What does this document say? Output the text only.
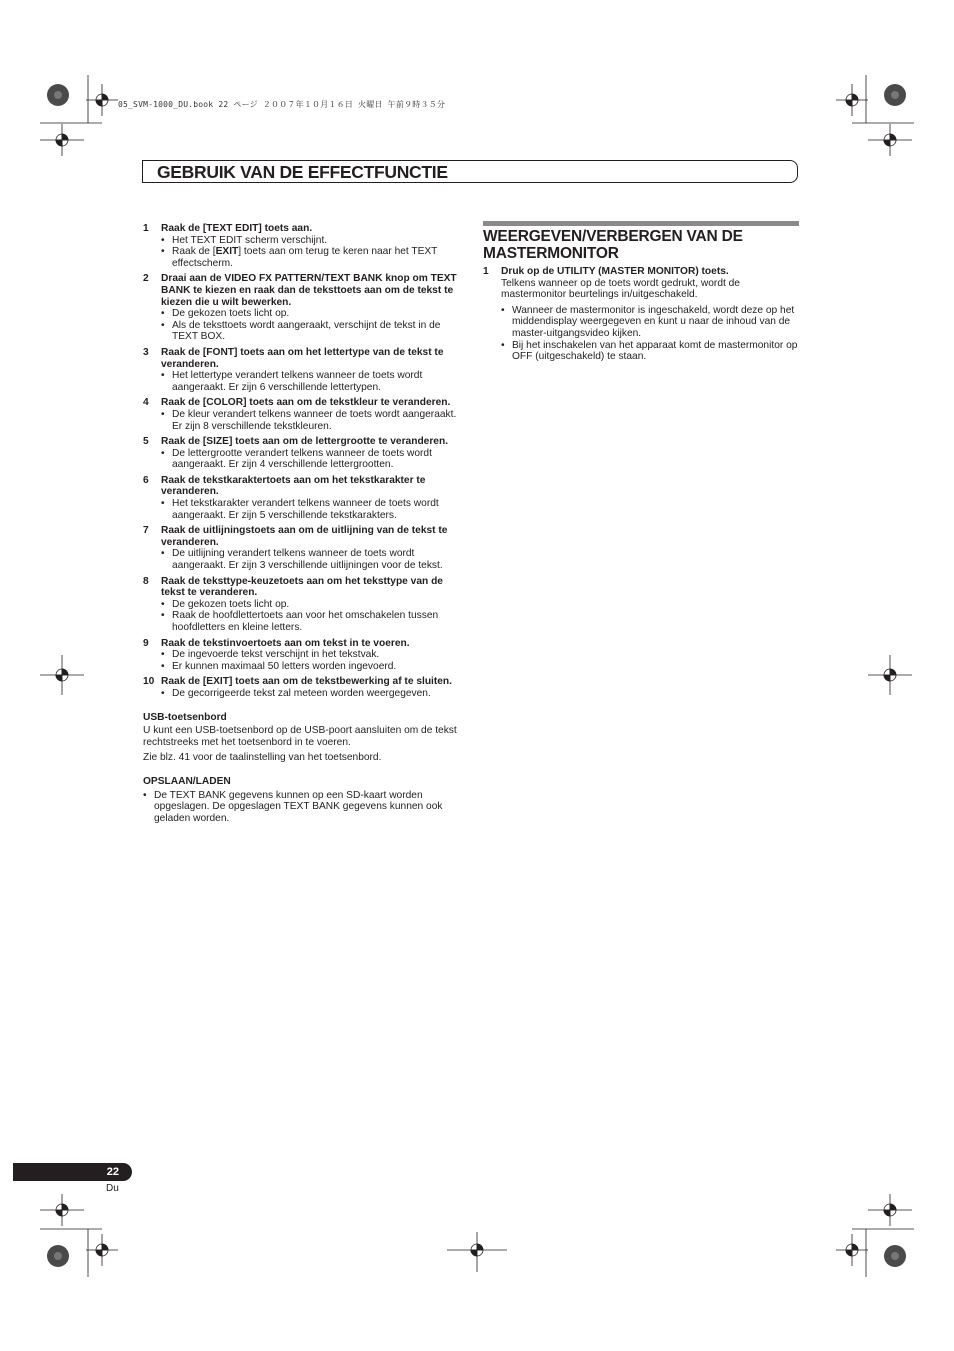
05_SVM-1000_DU.book 22 ページ ２００７年１０月１６日 火曜日 午前９時３５分
GEBRUIK VAN DE EFFECTFUNCTIE
1	Raak de [TEXT EDIT] toets aan.
• Het TEXT EDIT scherm verschijnt.
• Raak de [EXIT] toets aan om terug te keren naar het TEXT effectscherm.
2	Draai aan de VIDEO FX PATTERN/TEXT BANK knop om TEXT BANK te kiezen en raak dan de teksttoets aan om de tekst te kiezen die u wilt bewerken.
• De gekozen toets licht op.
• Als de teksttoets wordt aangeraakt, verschijnt de tekst in de TEXT BOX.
3	Raak de [FONT] toets aan om het lettertype van de tekst te veranderen.
• Het lettertype verandert telkens wanneer de toets wordt aangeraakt. Er zijn 6 verschillende lettertypen.
4	Raak de [COLOR] toets aan om de tekstkleur te veranderen.
• De kleur verandert telkens wanneer de toets wordt aangeraakt. Er zijn 8 verschillende tekstkleuren.
5	Raak de [SIZE] toets aan om de lettergrootte te veranderen.
• De lettergrootte verandert telkens wanneer de toets wordt aangeraakt. Er zijn 4 verschillende lettergrootten.
6	Raak de tekstkaraktertoets aan om het tekstkarakter te veranderen.
• Het tekstkarakter verandert telkens wanneer de toets wordt aangeraakt. Er zijn 5 verschillende tekstkarakters.
7	Raak de uitlijningstoets aan om de uitlijning van de tekst te veranderen.
• De uitlijning verandert telkens wanneer de toets wordt aangeraakt. Er zijn 3 verschillende uitlijningen voor de tekst.
8	Raak de teksttype-keuzetoets aan om het teksttype van de tekst te veranderen.
• De gekozen toets licht op.
• Raak de hoofdlettertoets aan voor het omschakelen tussen hoofdletters en kleine letters.
9	Raak de tekstinvoertoets aan om tekst in te voeren.
• De ingevoerde tekst verschijnt in het tekstvak.
• Er kunnen maximaal 50 letters worden ingevoerd.
10 Raak de [EXIT] toets aan om de tekstbewerking af te sluiten.
• De gecorrigeerde tekst zal meteen worden weergegeven.
USB-toetsenbord

U kunt een USB-toetsenbord op de USB-poort aansluiten om de tekst rechtstreeks met het toetsenbord in te voeren.

Zie blz. 41 voor de taalinstelling van het toetsenbord.

OPSLAAN/LADEN
• De TEXT BANK gegevens kunnen op een SD-kaart worden opgeslagen. De opgeslagen TEXT BANK gegevens kunnen ook geladen worden.
WEERGEVEN/VERBERGEN VAN DE MASTERMONITOR
1	Druk op de UTILITY (MASTER MONITOR) toets.

Telkens wanneer op de toets wordt gedrukt, wordt de mastermonitor beurtelings in/uitgeschakeld.

• Wanneer de mastermonitor is ingeschakeld, wordt deze op het middendisplay weergegeven en kunt u naar de inhoud van de master-uitgangsvideo kijken.
• Bij het inschakelen van het apparaat komt de mastermonitor op OFF (uitgeschakeld) te staan.
22
Du
